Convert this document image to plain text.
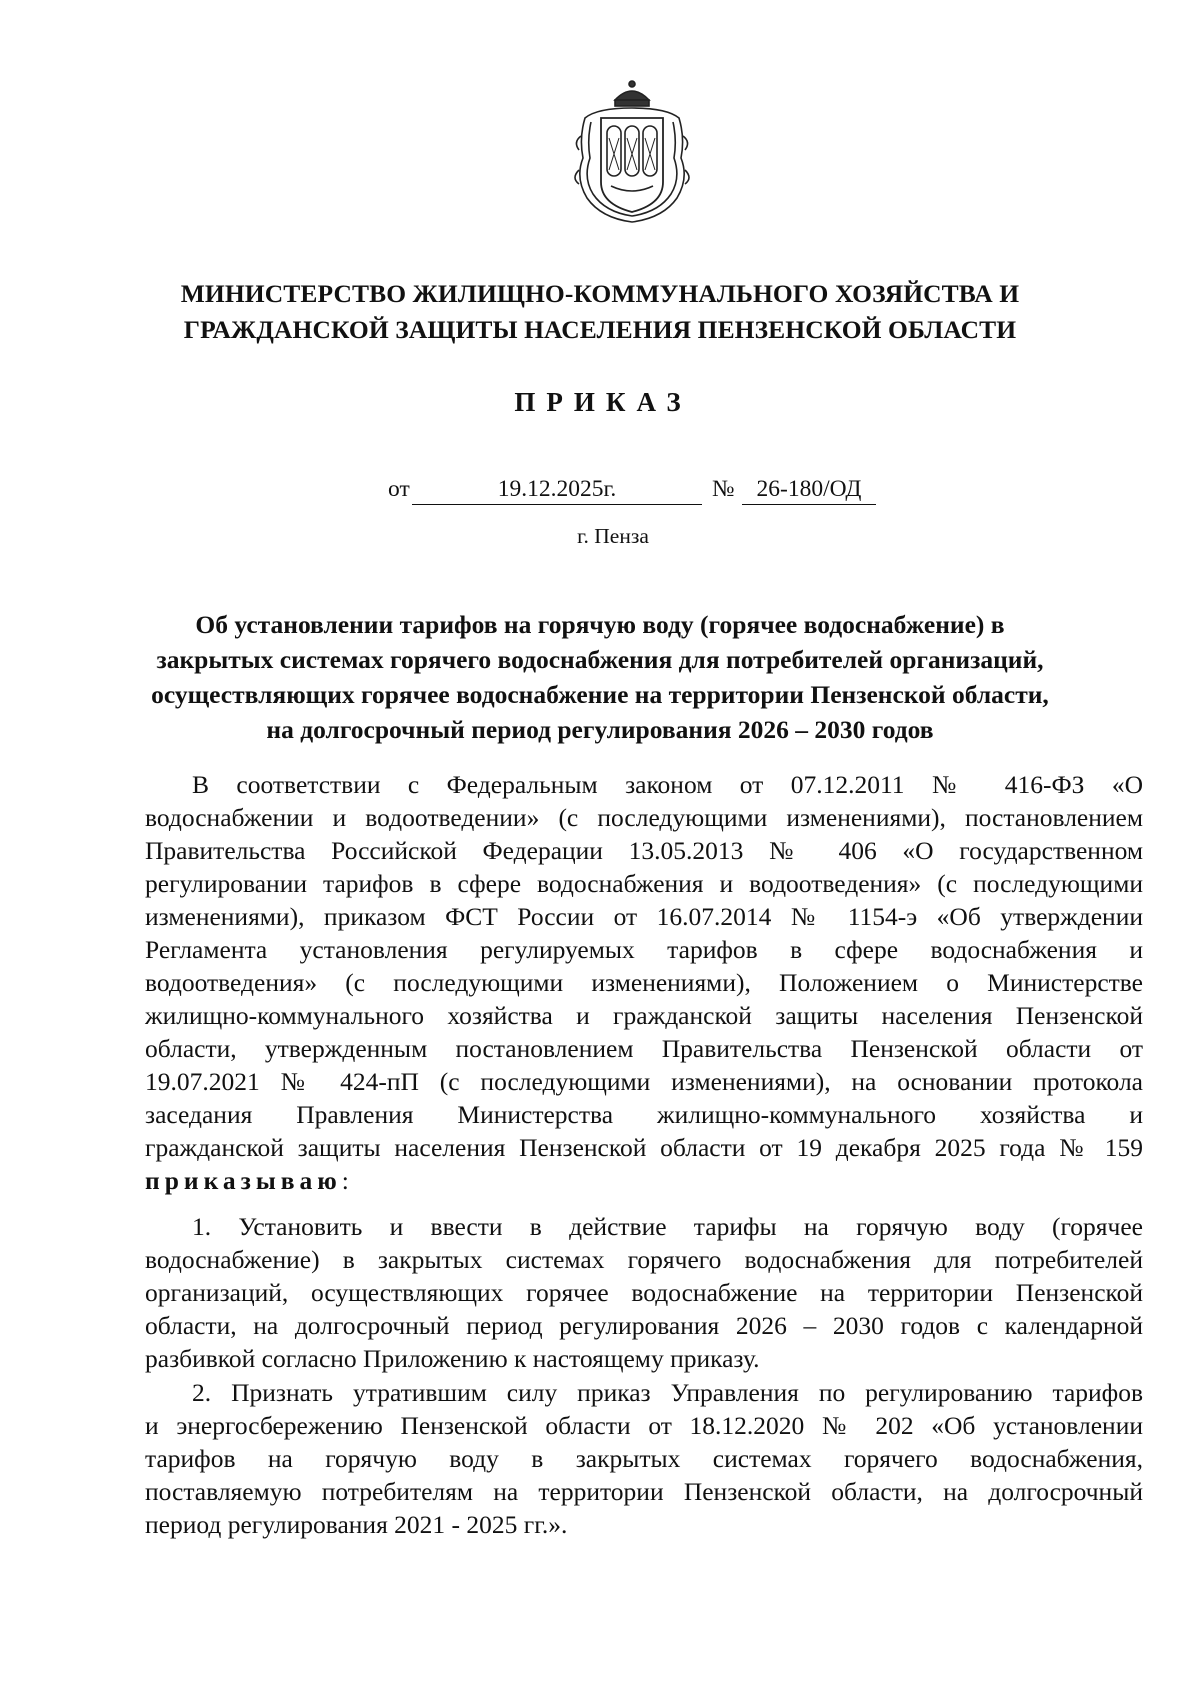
МИНИСТЕРСТВО ЖИЛИЩНО-КОММУНАЛЬНОГО ХОЗЯЙСТВА И
ГРАЖДАНСКОЙ ЗАЩИТЫ НАСЕЛЕНИЯ ПЕНЗЕНСКОЙ ОБЛАСТИ
ПРИКАЗ
от	19.12.2025г.	№ 26-180/ОД
г. Пенза
Об установлении тарифов на горячую воду (горячее водоснабжение) в
закрытых системах горячего водоснабжения для потребителей организаций,
осуществляющих горячее водоснабжение на территории Пензенской области,
на долгосрочный период регулирования 2026 – 2030 годов
В соответствии с Федеральным законом от 07.12.2011 № 416-ФЗ «О
водоснабжении и водоотведении» (с последующими изменениями), постановлением
Правительства Российской Федерации 13.05.2013 № 406 «О государственном
регулировании тарифов в сфере водоснабжения и водоотведения» (с последующими
изменениями), приказом ФСТ России от 16.07.2014 № 1154-э «Об утверждении
Регламента установления регулируемых тарифов в сфере водоснабжения и
водоотведения» (с последующими изменениями), Положением о Министерстве
жилищно-коммунального хозяйства и гражданской защиты населения Пензенской
области, утвержденным постановлением Правительства Пензенской области от
19.07.2021 № 424-пП (с последующими изменениями), на основании протокола
заседания Правления Министерства жилищно-коммунального хозяйства и
гражданской защиты населения Пензенской области от 19 декабря 2025 года № 159
приказываю:
1. Установить и ввести в действие тарифы на горячую воду (горячее
водоснабжение) в закрытых системах горячего водоснабжения для потребителей
организаций, осуществляющих горячее водоснабжение на территории Пензенской
области, на долгосрочный период регулирования 2026 – 2030 годов с календарной
разбивкой согласно Приложению к настоящему приказу.
2. Признать утратившим силу приказ Управления по регулированию тарифов
и энергосбережению Пензенской области от 18.12.2020 № 202 «Об установлении
тарифов на горячую воду в закрытых системах горячего водоснабжения,
поставляемую потребителям на территории Пензенской области, на долгосрочный
период регулирования 2021 - 2025 гг.».
